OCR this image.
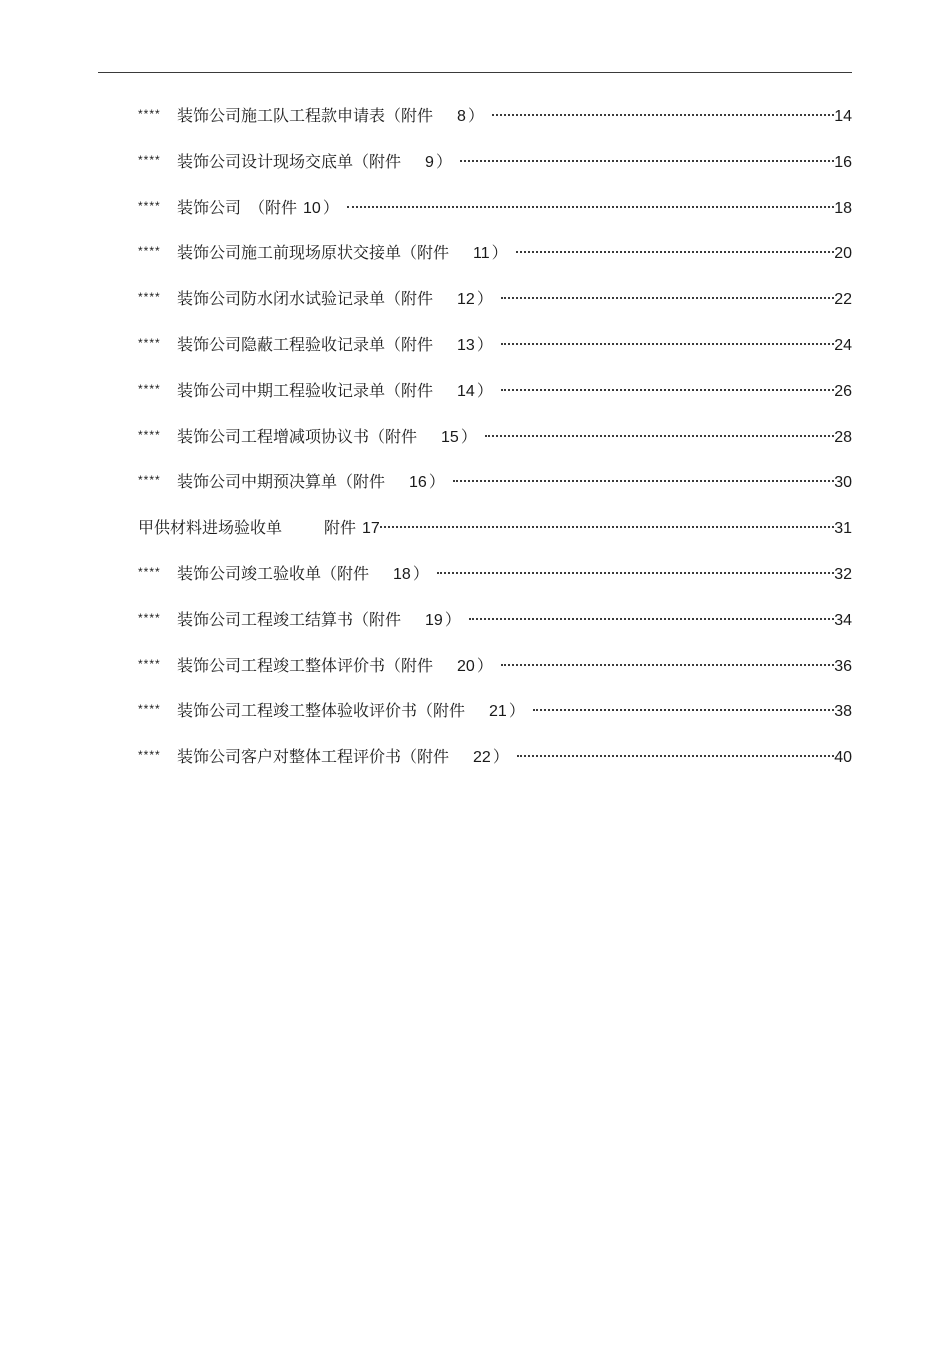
****	装饰公司施工队工程款申请表（ 附件 8 ）	14
****	装饰公司设计现场交底单（ 附件 9 ）	16
****	装饰公司　（ 附件 10 ）	18
****	装饰公司施工前现场原状交接单（ 附件 11 ）	20
****	装饰公司防水闭水试验记录单（ 附件 12 ）	22
****	装饰公司隐蔽工程验收记录单（ 附件 13 ）	24
****	装饰公司中期工程验收记录单（ 附件 14 ）	26
****	装饰公司工程增减项协议书（ 附件 15 ）	28
****	装饰公司中期预决算单（ 附件 16 ）	30
甲供材料进场验收单	附件 17	31
****	装饰公司竣工验收单（ 附件 18 ）	32
****	装饰公司工程竣工结算书（ 附件 19 ）	34
****	装饰公司工程竣工整体评价书（ 附件 20 ）	36
****	装饰公司工程竣工整体验收评价书（ 附件 21 ）	38
****	装饰公司客户对整体工程评价书（ 附件 22 ）	40
